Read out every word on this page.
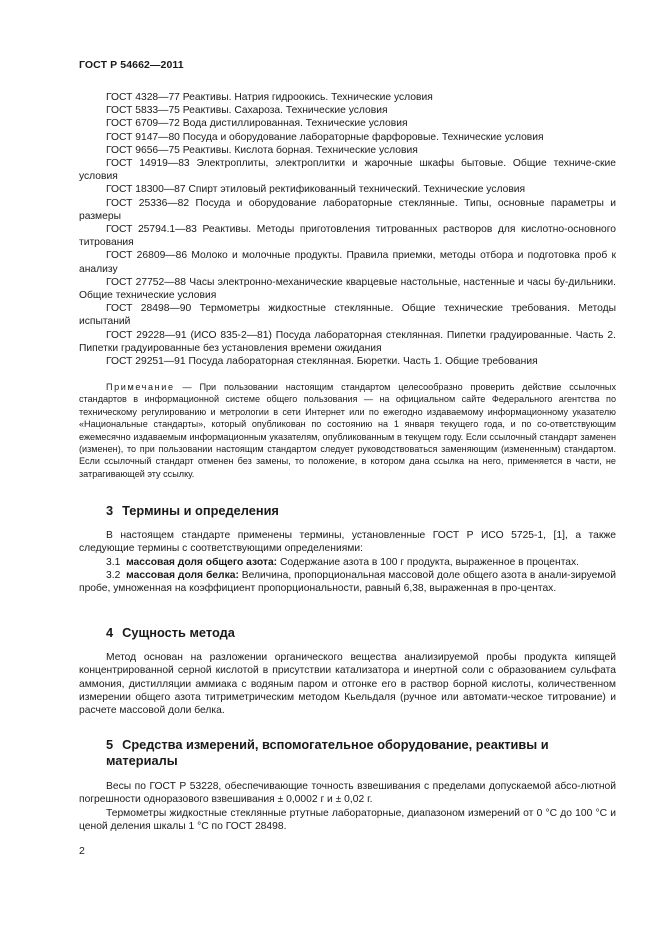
ГОСТ Р 54662—2011

ГОСТ 4328—77 Реактивы. Натрия гидроокись. Технические условия

ГОСТ 5833—75 Реактивы. Сахароза. Технические условия

ГОСТ 6709—72 Вода дистиллированная. Технические условия

ГОСТ 9147—80 Посуда и оборудование лабораторные фарфоровые. Технические условия

ГОСТ 9656—75 Реактивы. Кислота борная. Технические условия

ГОСТ 14919—83 Электроплиты, электроплитки и жарочные шкафы бытовые. Общие техниче-ские условия

ГОСТ 18300—87 Спирт этиловый ректификованный технический. Технические условия

ГОСТ 25336—82 Посуда и оборудование лабораторные стеклянные. Типы, основные параметры и размеры

ГОСТ 25794.1—83 Реактивы. Методы приготовления титрованных растворов для кислотно-основного титрования

ГОСТ 26809—86 Молоко и молочные продукты. Правила приемки, методы отбора и подготовка проб к анализу

ГОСТ 27752—88 Часы электронно-механические кварцевые настольные, настенные и часы бу-дильники. Общие технические условия

ГОСТ 28498—90 Термометры жидкостные стеклянные. Общие технические требования. Методы испытаний

ГОСТ 29228—91 (ИСО 835-2—81) Посуда лабораторная стеклянная. Пипетки градуированные. Часть 2. Пипетки градуированные без установления времени ожидания

ГОСТ 29251—91 Посуда лабораторная стеклянная. Бюретки. Часть 1. Общие требования

Примечание — При пользовании настоящим стандартом целесообразно проверить действие ссылочных стандартов в информационной системе общего пользования — на официальном сайте Федерального агентства по техническому регулированию и метрологии в сети Интернет или по ежегодно издаваемому информационному указателю «Национальные стандарты», который опубликован по состоянию на 1 января текущего года, и по со-ответствующим ежемесячно издаваемым информационным указателям, опубликованным в текущем году. Если ссылочный стандарт заменен (изменен), то при пользовании настоящим стандартом следует руководствоваться заменяющим (измененным) стандартом. Если ссылочный стандарт отменен без замены, то положение, в котором дана ссылка на него, применяется в части, не затрагивающей эту ссылку.

3 Термины и определения

В настоящем стандарте применены термины, установленные ГОСТ Р ИСО 5725-1, [1], а также следующие термины с соответствующими определениями:

3.1 массовая доля общего азота: Содержание азота в 100 г продукта, выраженное в процентах.

3.2 массовая доля белка: Величина, пропорциональная массовой доле общего азота в анали-зируемой пробе, умноженная на коэффициент пропорциональности, равный 6,38, выраженная в про-центах.

4 Сущность метода

Метод основан на разложении органического вещества анализируемой пробы продукта кипящей концентрированной серной кислотой в присутствии катализатора и инертной соли с образованием сульфата аммония, дистилляции аммиака с водяным паром и отгонке его в раствор борной кислоты, количественном измерении общего азота титриметрическим методом Кьельдаля (ручное или автомати-ческое титрование) и расчете массовой доли белка.

5 Средства измерений, вспомогательное оборудование, реактивы и
материалы

Весы по ГОСТ Р 53228, обеспечивающие точность взвешивания с пределами допускаемой абсо-лютной погрешности одноразового взвешивания ± 0,0002 г и ± 0,02 г.

Термометры жидкостные стеклянные ртутные лабораторные, диапазоном измерений от 0 °С до 100 °С и ценой деления шкалы 1 °С по ГОСТ 28498.

2
